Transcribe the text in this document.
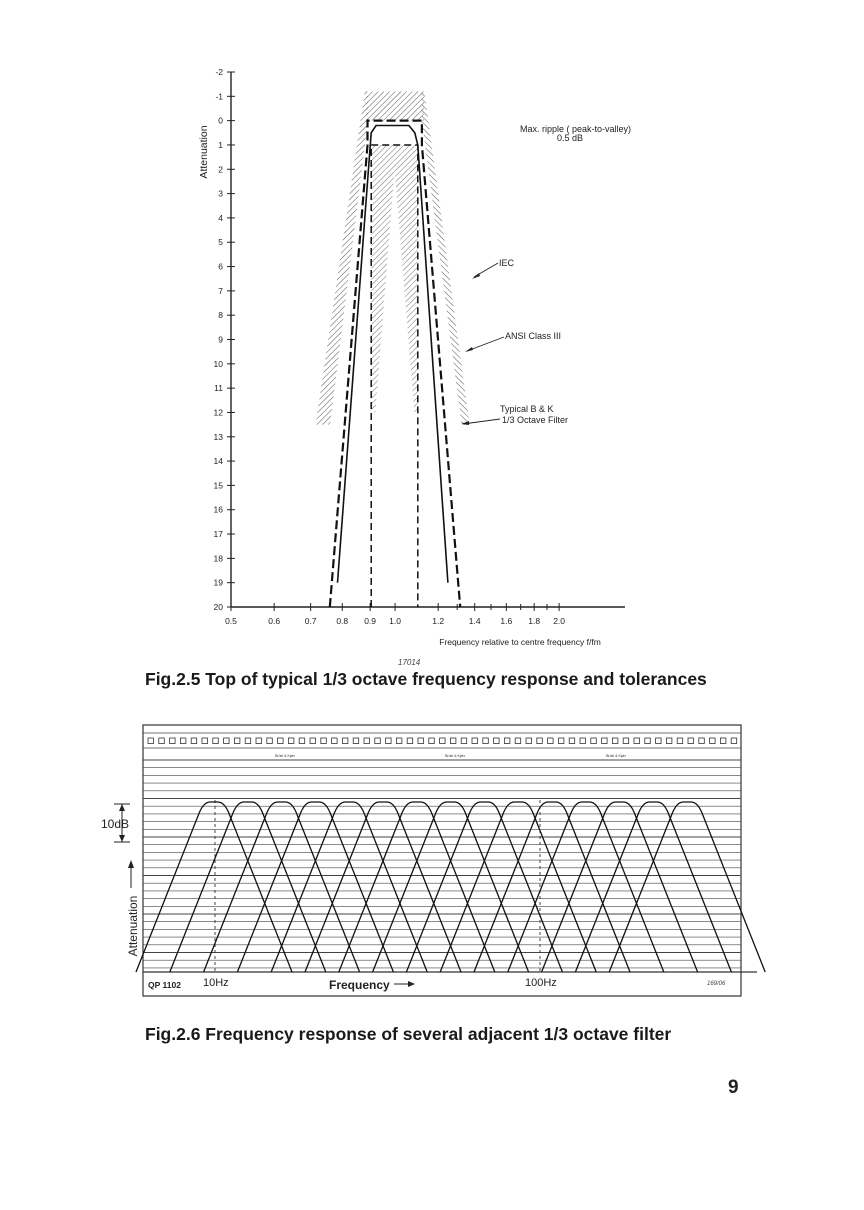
-2
-1
0
1
2
3
4
5
6
7
8
9
10
11
12
13
14
15
16
17
18
19
20
0.5	0.6	0.7 0.8 0.9 1.0	1.2	1.4 1.6 1.8 2.0
Attenuation
Frequency relative to centre frequency f/fm
Max. ripple ( peak-to-valley)
0.5 dB
IEC
ANSI Class III
Typical B & K
1/3 Octave Filter
17014
Fig.2.5 Top of typical 1/3 octave frequency response and tolerances
Brüel & Kjær	Brüel & Kjær	Brüel & Kjær
10dB
Attenuation
QP 1102 10Hz	Frequency	100Hz	169/06
Fig.2.6 Frequency response of several adjacent 1/3 octave filter
9
